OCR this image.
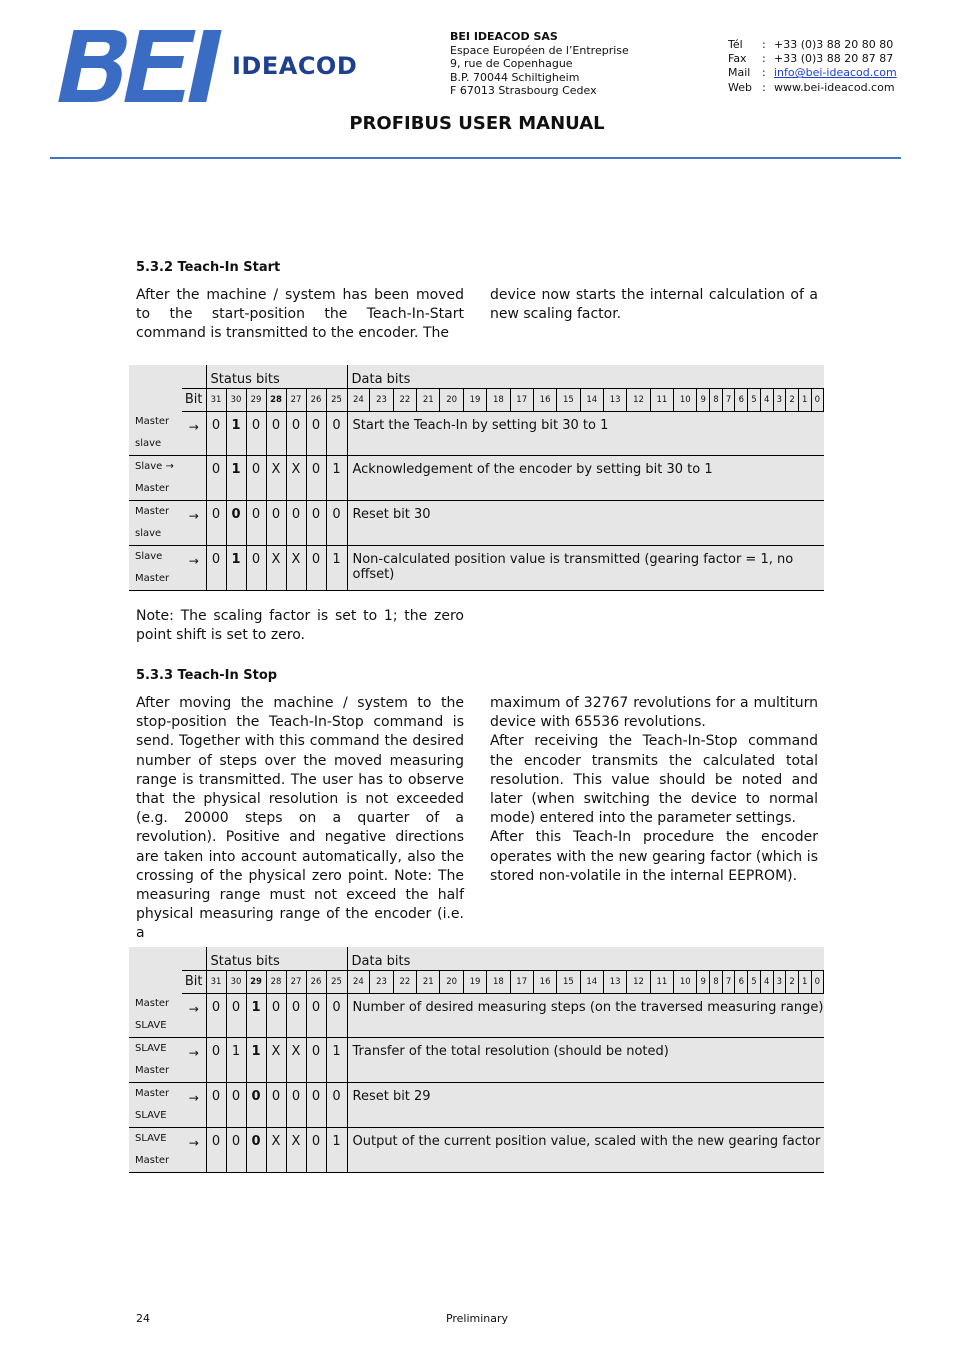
IDEACOD
BEI IDEACOD SAS
Espace Européen de l’Entreprise
9, rue de Copenhague
B.P. 70044 Schiltigheim
F 67013 Strasbourg Cedex
Tél	:	+33 (0)3 88 20 80 80
Fax	:	+33 (0)3 88 20 87 87
Mail	:	info@bei-ideacod.com
Web	:	www.bei-ideacod.com
PROFIBUS USER MANUAL
5.3.2 Teach-In Start

After the machine / system has been moved to the start-position the Teach-In-Start command is transmitted to the encoder. The

device now starts the internal calculation of a new scaling factor.

	Status bits	Data bits
	Bit	31	30	29	28	27	26	25	24	23	22	21	20	19	18	17	16	15	14	13	12	11	10	9	8	7	6	5	4	3	2	1	0

Master
slave
	→	0	1	0	0	0	0	0	Start the Teach-In by setting bit 30 to 1

Slave →
Master
		0	1	0	X	X	0	1	Acknowledgement of the encoder by setting bit 30 to 1

Master
slave
	→	0	0	0	0	0	0	0	Reset bit 30

Slave
Master
	→	0	1	0	X	X	0	1	Non-calculated position value is transmitted (gearing factor = 1, no offset)

Note: The scaling factor is set to 1; the zero point shift is set to zero.

5.3.3 Teach-In Stop

After moving the machine / system to the stop-position the Teach-In-Stop command is send. Together with this command the desired number of steps over the moved measuring range is transmitted. The user has to observe that the physical resolution is not exceeded (e.g. 20000 steps on a quarter of a revolution). Positive and negative directions are taken into account automatically, also the crossing of the physical zero point. Note: The measuring range must not exceed the half physical measuring range of the encoder (i.e. a

maximum of 32767 revolutions for a multiturn device with 65536 revolutions.

After receiving the Teach-In-Stop command the encoder transmits the calculated total resolution. This value should be noted and later (when switching the device to normal mode) entered into the parameter settings.

After this Teach-In procedure the encoder operates with the new gearing factor (which is stored non-volatile in the internal EEPROM).

	Status bits	Data bits
	Bit	31	30	29	28	27	26	25	24	23	22	21	20	19	18	17	16	15	14	13	12	11	10	9	8	7	6	5	4	3	2	1	0

Master
SLAVE
	→	0	0	1	0	0	0	0	Number of desired measuring steps (on the traversed measuring range)

SLAVE
Master
	→	0	1	1	X	X	0	1	Transfer of the total resolution (should be noted)

Master
SLAVE
	→	0	0	0	0	0	0	0	Reset bit 29

SLAVE
Master
	→	0	0	0	X	X	0	1	Output of the current position value, scaled with the new gearing factor
24	Preliminary
